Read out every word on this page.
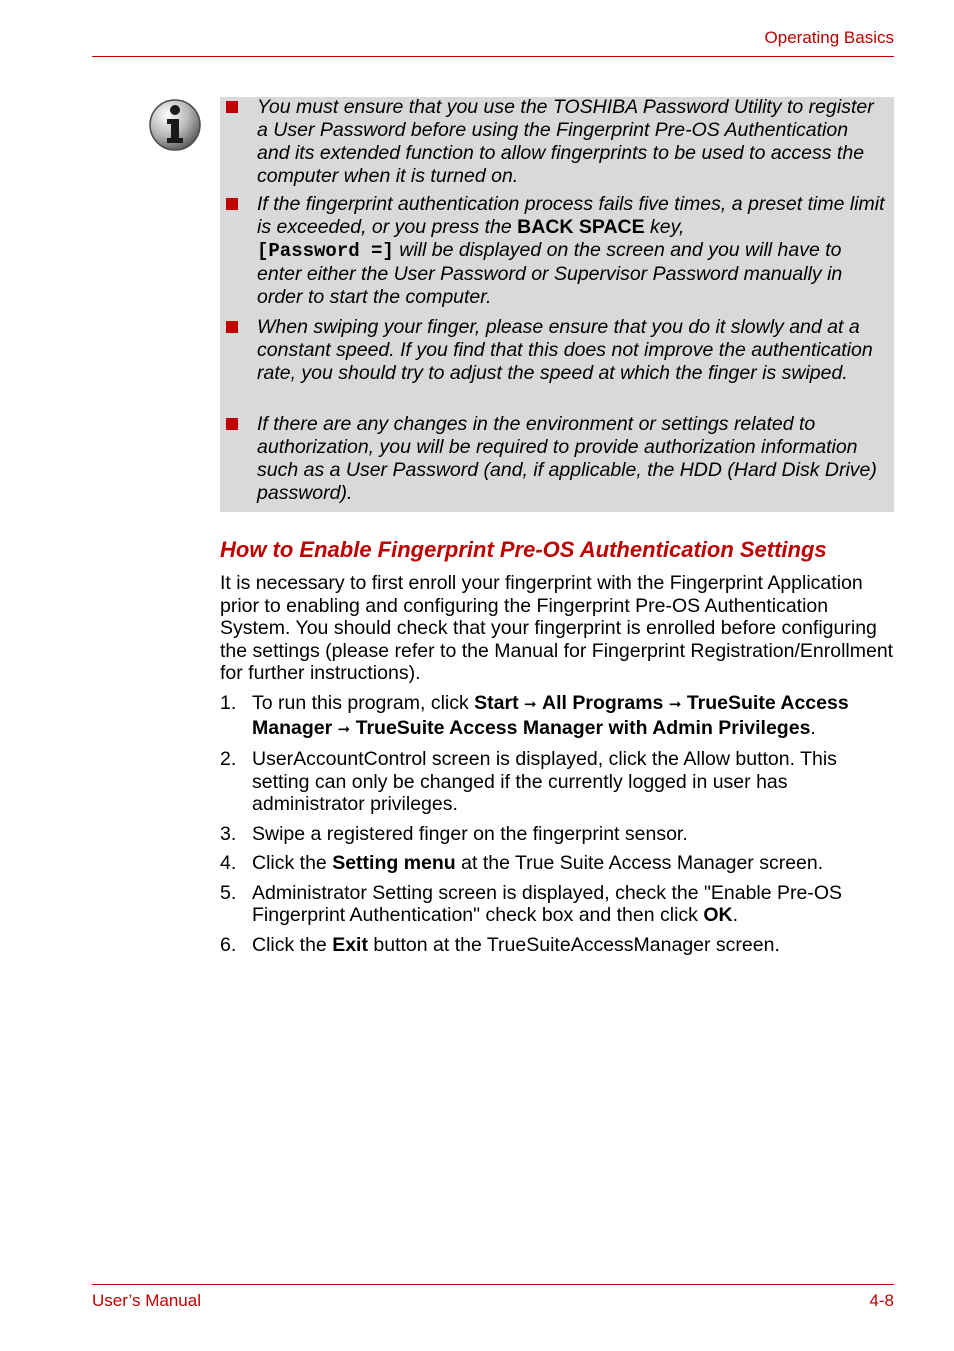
Operating Basics
You must ensure that you use the TOSHIBA Password Utility to register a User Password before using the Fingerprint Pre-OS Authentication and its extended function to allow fingerprints to be used to access the computer when it is turned on.
If the fingerprint authentication process fails five times, a preset time limit is exceeded, or you press the BACK SPACE key,
[Password =] will be displayed on the screen and you will have to enter either the User Password or Supervisor Password manually in order to start the computer.
When swiping your finger, please ensure that you do it slowly and at a constant speed. If you find that this does not improve the authentication rate, you should try to adjust the speed at which the finger is swiped.
If there are any changes in the environment or settings related to authorization, you will be required to provide authorization information such as a User Password (and, if applicable, the HDD (Hard Disk Drive) password).
How to Enable Fingerprint Pre-OS Authentication Settings

It is necessary to first enroll your fingerprint with the Fingerprint Application prior to enabling and configuring the Fingerprint Pre-OS Authentication System. You should check that your fingerprint is enrolled before configuring the settings (please refer to the Manual for Fingerprint Registration/Enrollment for further instructions).

1. To run this program, click Start ➞ All Programs ➞ TrueSuite Access Manager ➞ TrueSuite Access Manager with Admin Privileges.
2. UserAccountControl screen is displayed, click the Allow button. This setting can only be changed if the currently logged in user has administrator privileges.
3. Swipe a registered finger on the fingerprint sensor.
4. Click the Setting menu at the True Suite Access Manager screen.
5. Administrator Setting screen is displayed, check the "Enable Pre-OS Fingerprint Authentication" check box and then click OK.
6. Click the Exit button at the TrueSuiteAccessManager screen.
User’s Manual	4-8
